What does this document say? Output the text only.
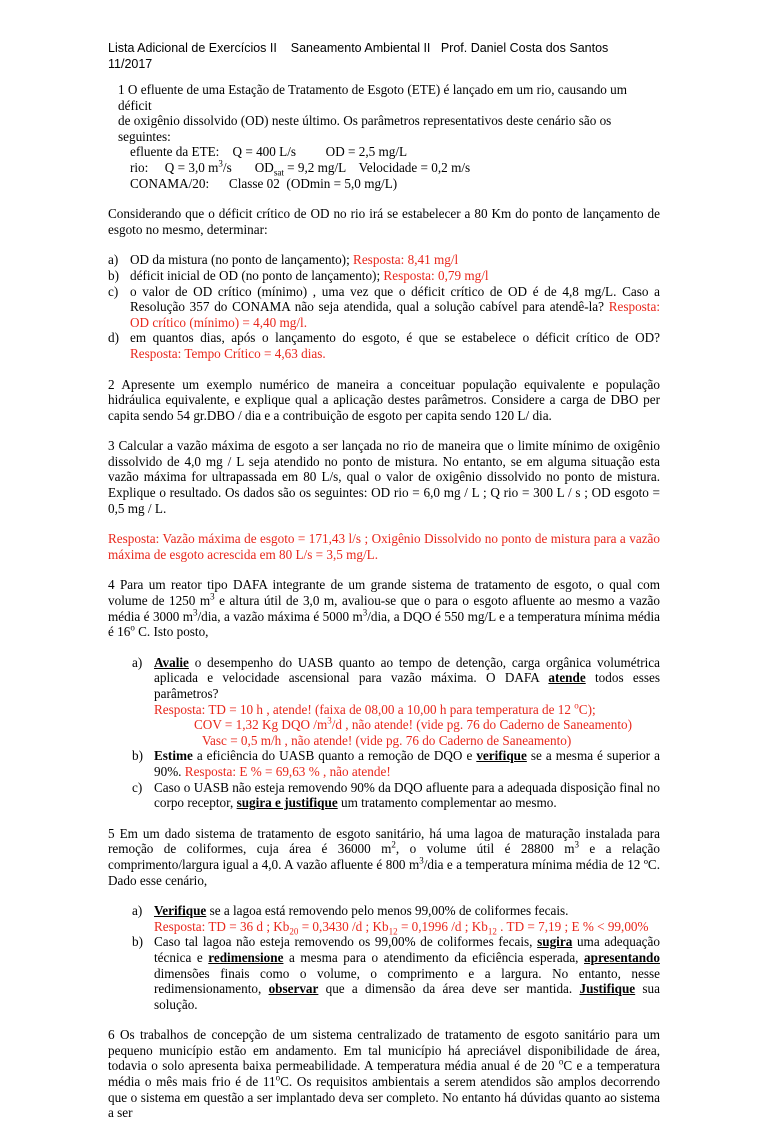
Lista Adicional de Exercícios II    Saneamento Ambiental II   Prof. Daniel Costa dos Santos
11/2017
1 O efluente de uma Estação de Tratamento de Esgoto (ETE) é lançado em um rio, causando um déficit
de oxigênio dissolvido (OD) neste último. Os parâmetros representativos deste cenário são os seguintes:
efluente da ETE:    Q = 400 L/s         OD = 2,5 mg/L
rio:     Q = 3,0 $m^3/s$       $OD_{sat} = 9,2$ mg/L    Velocidade = 0,2 m/s
CONAMA/20:      Classe 02  (ODmin = 5,0 mg/L)
Considerando que o déficit crítico de OD no rio irá se estabelecer a 80 Km do ponto de lançamento de esgoto no mesmo, determinar:
a) OD da mistura (no ponto de lançamento); Resposta: 8,41 mg/l
b) déficit inicial de OD (no ponto de lançamento); Resposta: 0,79 mg/l
c) o valor de OD crítico (mínimo) , uma vez que o déficit crítico de OD é de 4,8 mg/L. Caso a Resolução 357 do CONAMA não seja atendida, qual a solução cabível para atendê-la? Resposta: OD crítico (mínimo) = 4,40 mg/l.
d) em quantos dias, após o lançamento do esgoto, é que se estabelece o déficit crítico de OD? Resposta: Tempo Crítico = 4,63 dias.
2 Apresente um exemplo numérico de maneira a conceituar população equivalente e população hidráulica equivalente, e explique qual a aplicação destes parâmetros. Considere a carga de DBO per capita sendo 54 gr.DBO / dia e a contribuição de esgoto per capita sendo 120 L/ dia.
3 Calcular a vazão máxima de esgoto a ser lançada no rio de maneira que o limite mínimo de oxigênio dissolvido de 4,0 mg / L seja atendido no ponto de mistura. No entanto, se em alguma situação esta vazão máxima for ultrapassada em 80 L/s, qual o valor de oxigênio dissolvido no ponto de mistura. Explique o resultado. Os dados são os seguintes: OD rio = 6,0 mg / L ; Q rio = 300 L / s ; OD esgoto = 0,5 mg / L.
Resposta: Vazão máxima de esgoto = 171,43 l/s ; Oxigênio Dissolvido no ponto de mistura para a vazão máxima de esgoto acrescida em 80 L/s = 3,5 mg/L.
4 Para um reator tipo DAFA integrante de um grande sistema de tratamento de esgoto, o qual com volume de 1250 $m^3$ e altura útil de 3,0 m, avaliou-se que o para o esgoto afluente ao mesmo a vazão média é 3000 $m^3$/dia, a vazão máxima é 5000 $m^3$/dia, a DQO é 550 mg/L e a temperatura mínima média é 16$^o$ C. Isto posto,
a) Avalie o desempenho do UASB quanto ao tempo de detenção, carga orgânica volumétrica aplicada e velocidade ascensional para vazão máxima. O DAFA atende todos esses parâmetros?
Resposta: TD = 10 h , atende! (faixa de 08,00 a 10,00 h para temperatura de 12 $^o$C);
COV = 1,32 Kg DQO $/m^3/d$ , não atende! (vide pg. 76 do Caderno de Saneamento)
Vasc = 0,5 m/h , não atende! (vide pg. 76 do Caderno de Saneamento)
b) Estime a eficiência do UASB quanto a remoção de DQO e verifique se a mesma é superior a 90%. Resposta: E % = 69,63 % , não atende!
c) Caso o UASB não esteja removendo 90% da DQO afluente para a adequada disposição final no corpo receptor, sugira e justifique um tratamento complementar ao mesmo.
5 Em um dado sistema de tratamento de esgoto sanitário, há uma lagoa de maturação instalada para remoção de coliformes, cuja área é 36000 $m^2$, o volume útil é 28800 $m^3$ e a relação comprimento/largura igual a 4,0. A vazão afluente é 800 $m^3$/dia e a temperatura mínima média de 12 ºC. Dado esse cenário,
a) Verifique se a lagoa está removendo pelo menos 99,00% de coliformes fecais.
Resposta: TD = 36 d ; $Kb_{20} = 0,3430$ /d ; $Kb_{12} = 0,1996$ /d ; $Kb_{12}$ . TD = 7,19 ; E % < 99,00%
b) Caso tal lagoa não esteja removendo os 99,00% de coliformes fecais, sugira uma adequação técnica e redimensione a mesma para o atendimento da eficiência esperada, apresentando dimensões finais como o volume, o comprimento e a largura. No entanto, nesse redimensionamento, observar que a dimensão da área deve ser mantida. Justifique sua solução.
6 Os trabalhos de concepção de um sistema centralizado de tratamento de esgoto sanitário para um pequeno município estão em andamento. Em tal município há apreciável disponibilidade de área, todavia o solo apresenta baixa permeabilidade. A temperatura média anual é de 20 $^o$C e a temperatura média o mês mais frio é de 11$^o$C. Os requisitos ambientais a serem atendidos são amplos decorrendo que o sistema em questão a ser implantado deva ser completo. No entanto há dúvidas quanto ao sistema a ser
